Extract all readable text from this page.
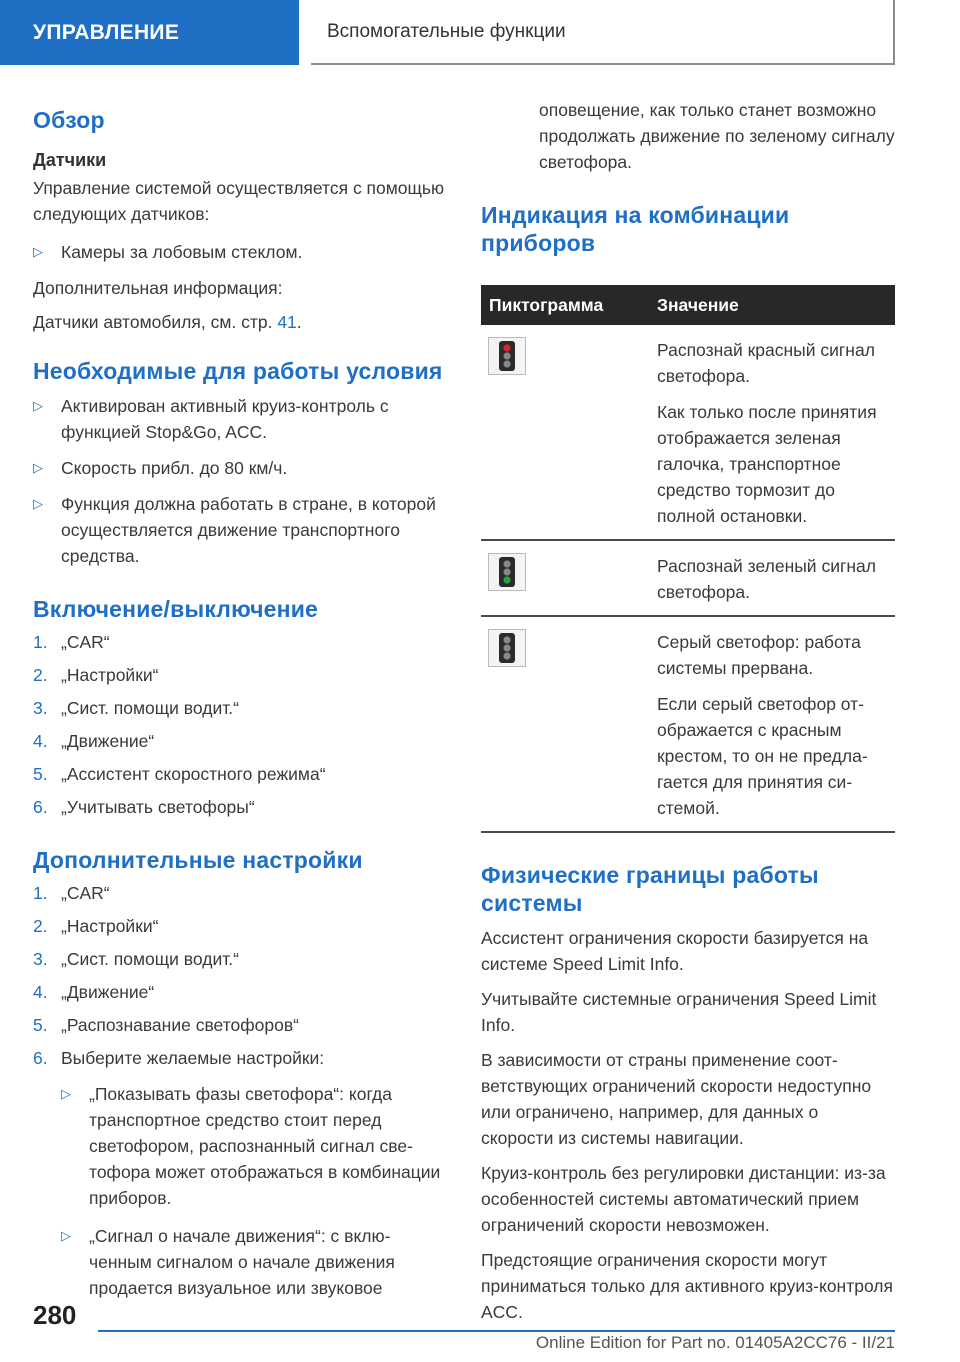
УПРАВЛЕНИЕ	Вспомогательные функции
Обзор
Датчики

Управление системой осуществляется с помощью следующих датчиков:

▷ Камеры за лобовым стеклом.

Дополнительная информация:

Датчики автомобиля, см. стр. 41.

Необходимые для работы условия
▷ Активирован активный круиз-контроль с функцией Stop&Go, ACC.
▷ Скорость прибл. до 80 км/ч.
▷ Функция должна работать в стране, в которой осуществляется движение транспортного средства.
Включение/выключение
1. „CAR“
2. „Настройки“
3. „Сист. помощи водит.“
4. „Движение“
5. „Ассистент скоростного режима“
6. „Учитывать светофоры“
Дополнительные настройки
1. „CAR“
2. „Настройки“
3. „Сист. помощи водит.“
4. „Движение“
5. „Распознавание светофоров“
6. Выберите желаемые настройки:
▷ „Показывать фазы светофора“: когда транспортное средство стоит перед светофором, распознанный сигнал светофора может отображаться в комбинации приборов.
▷ „Сигнал о начале движения“: с включенным сигналом о начале движения продается визуальное или звуковое

оповещение, как только станет возможно продолжать движение по зеленому сигналу светофора.

Индикация на комбинации приборов
Пиктограмма	Значение

Распознай красный сигнал светофора.

Как только после принятия отображается зеленая галочка, транспортное средство тормозит до полной остановки.

Распознай зеленый сигнал светофора.

Серый светофор: работа системы прервана.

Если серый светофор отображается с красным крестом, то он не предлагается для принятия системой.

Физические границы работы системы

Ассистент ограничения скорости базируется на системе Speed Limit Info.

Учитывайте системные ограничения Speed Limit Info.

В зависимости от страны применение соответствующих ограничений скорости недоступно или ограничено, например, для данных о скорости из системы навигации.

Круиз-контроль без регулировки дистанции: из-за особенностей системы автоматический прием ограничений скорости невозможен.

Предстоящие ограничения скорости могут приниматься только для активного круиз-контроля ACC.

280
Online Edition for Part no. 01405A2CC76 - II/21
